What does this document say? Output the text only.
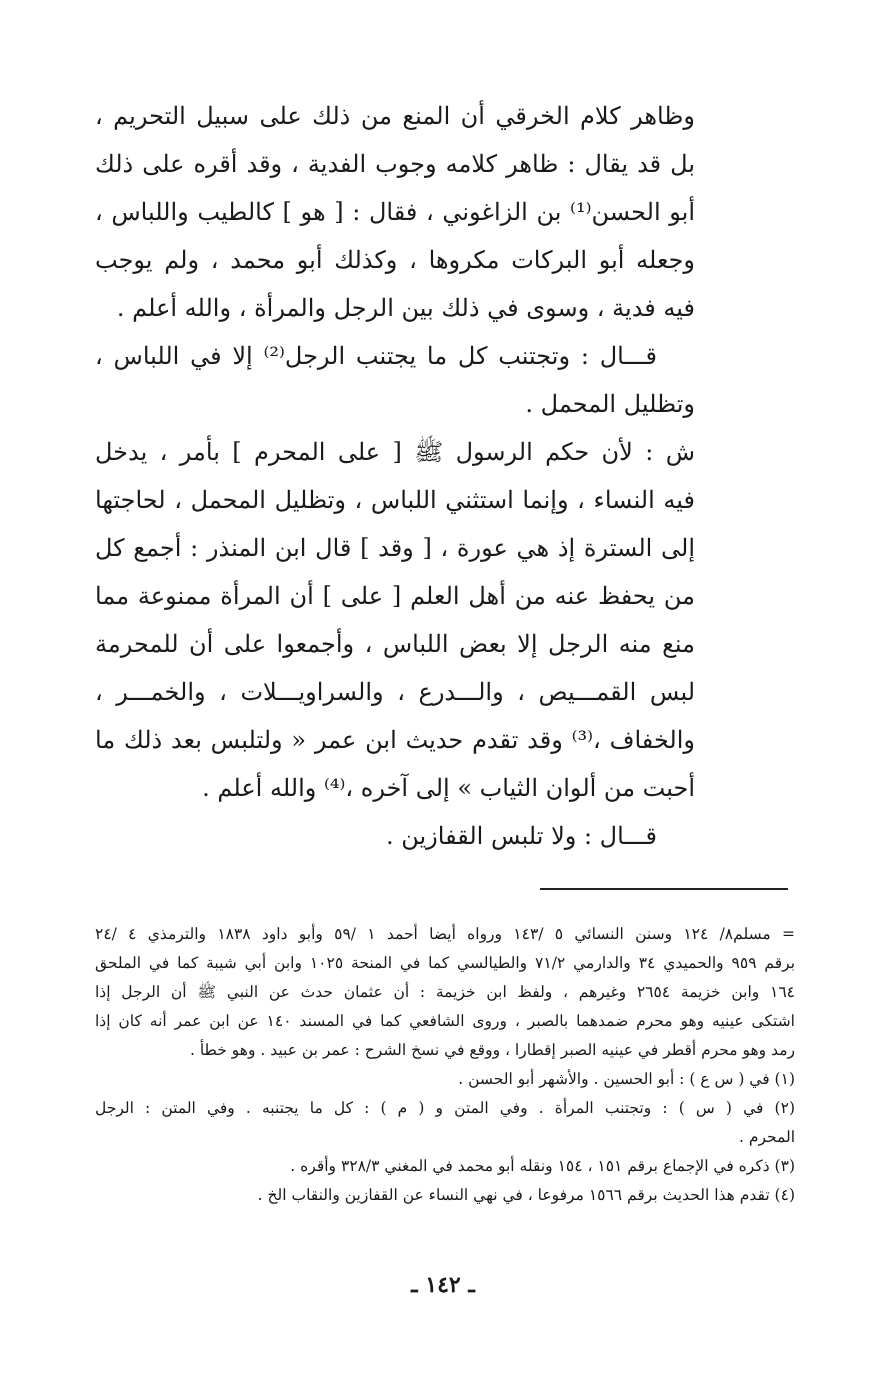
وظاهر كلام الخرقي أن المنع من ذلك على سبيل التحريم ،
بل قد يقال : ظاهر كلامه وجوب الفدية ، وقد أقره على ذلك
أبو الحسن⁽¹⁾ بن الزاغوني ، فقال : [ هو ] كالطيب واللباس ،
وجعله أبو البركات مكروها ، وكذلك أبو محمد ، ولم يوجب
فيه فدية ، وسوى في ذلك بين الرجل والمرأة ، والله أعلم .
قـــال : وتجتنب كل ما يجتنب الرجل⁽²⁾ إلا في اللباس ،
وتظليل المحمل .
ش : لأن حكم الرسول ﷺ [ على المحرم ] بأمر ، يدخل
فيه النساء ، وإنما استثني اللباس ، وتظليل المحمل ، لحاجتها
إلى السترة إذ هي عورة ، [ وقد ] قال ابن المنذر : أجمع كل
من يحفظ عنه من أهل العلم [ على ] أن المرأة ممنوعة مما
منع منه الرجل إلا بعض اللباس ، وأجمعوا على أن للمحرمة
لبس القمـــيص ، والـــدرع ، والسراويـــلات ، والخمـــر ،
والخفاف ،⁽³⁾ وقد تقدم حديث ابن عمر « ولتلبس بعد ذلك ما
أحبت من ألوان الثياب » إلى آخره ،⁽⁴⁾ والله أعلم .
قـــال : ولا تلبس القفازين .
= مسلم٨/ ١٢٤ وسنن النسائي ٥ /١٤٣ ورواه أيضا أحمد ١ /٥٩ وأبو داود ١٨٣٨ والترمذي ٤ /٢٤
برقم ٩٥٩ والحميدي ٣٤ والدارمي ٧١/٢ والطيالسي كما في المنحة ١٠٢٥ وابن أبي شيبة كما في الملحق
١٦٤ وابن خزيمة ٢٦٥٤ وغيرهم ، ولفظ ابن خزيمة : أن عثمان حدث عن النبي ﷺ أن الرجل إذا
اشتكى عينيه وهو محرم ضمدهما بالصبر ، وروى الشافعي كما في المسند ١٤٠ عن ابن عمر أنه كان إذا
رمد وهو محرم أقطر في عينيه الصبر إقطارا ، ووقع في نسخ الشرح : عمر بن عبيد . وهو خطأ .
(١) في ( س ع ) : أبو الحسين . والأشهر أبو الحسن .
(٢) في ( س ) : وتجتنب المرأة . وفي المتن و ( م ) : كل ما يجتنبه . وفي المتن : الرجل
المحرم .
(٣) ذكره في الإجماع برقم ١٥١ ، ١٥٤ ونقله أبو محمد في المغني ٣٢٨/٣ وأقره .
(٤) تقدم هذا الحديث برقم ١٥٦٦ مرفوعا ، في نهي النساء عن القفازين والنقاب الخ .
ـ ١٤٢ ـ
